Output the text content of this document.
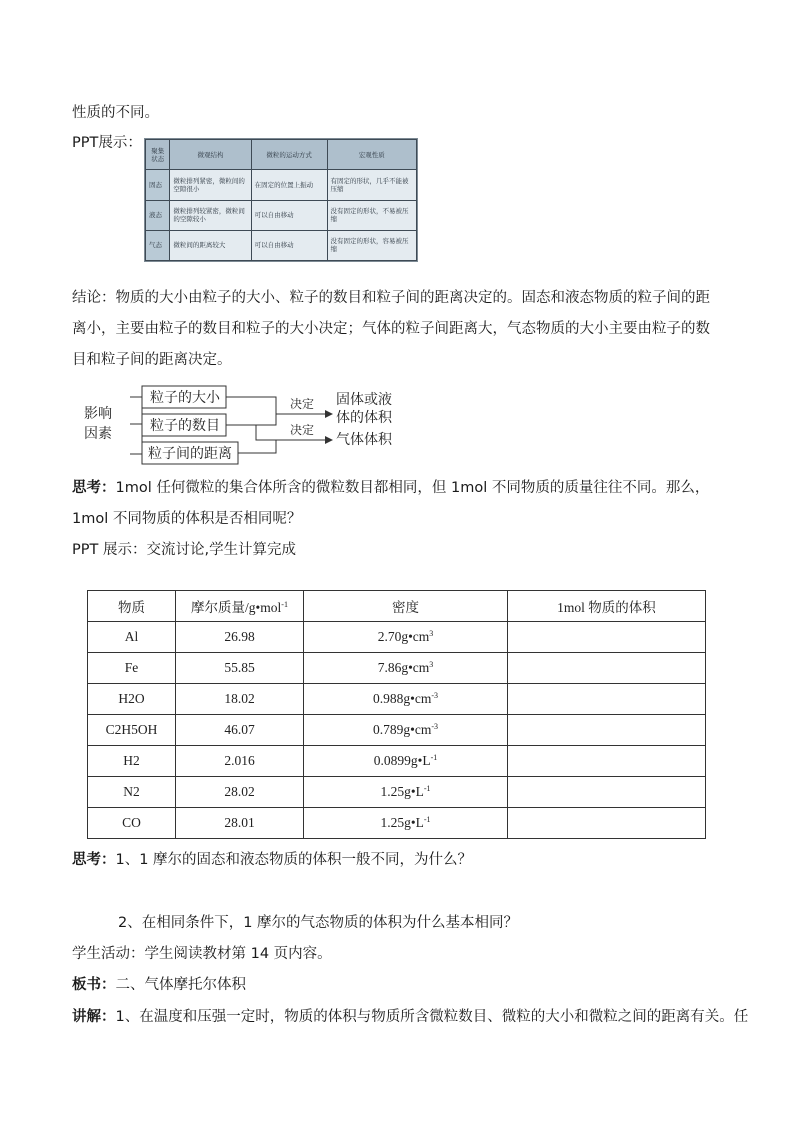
性质的不同。
PPT展示： 聚集状态	微观结构	微粒的运动方式	宏观性质
固态	微粒排列紧密，微粒间的空隙很小	在固定的位置上振动	有固定的形状，几乎不能被压缩
液态	微粒排列较紧密，微粒间的空隙较小	可以自由移动	没有固定的形状，不易被压缩
气态	微粒间的距离较大	可以自由移动	没有固定的形状，容易被压缩
结论：物质的大小由粒子的大小、粒子的数目和粒子间的距离决定的。固态和液态物质的粒子间的距离小，主要由粒子的数目和粒子的大小决定；气体的粒子间距离大，气态物质的大小主要由粒子的数目和粒子间的距离决定。
影响
因素
粒子的大小
粒子的数目
粒子间的距离
决定
决定
固体或液
体的体积
气体体积
思考：1mol 任何微粒的集合体所含的微粒数目都相同，但 1mol 不同物质的质量往往不同。那么，1mol 不同物质的体积是否相同呢？
PPT 展示：交流讨论,学生计算完成
物质	摩尔质量/g•mol$^{-1}$	密度	1mol 物质的体积
Al	26.98	$2.70g•cm^3$	
Fe	55.85	$7.86g•cm^3$	
H2O	18.02	$0.988g•cm^{-3}$	
C2H5OH	46.07	$0.789g•cm^{-3}$	
H2	2.016	$0.0899g•L^{-1}$	
N2	28.02	$1.25g•L^{-1}$	
CO	28.01	$1.25g•L^{-1}$	
思考：1、1 摩尔的固态和液态物质的体积一般不同，为什么？
2、在相同条件下，1 摩尔的气态物质的体积为什么基本相同？
学生活动：学生阅读教材第 14 页内容。
板书：二、气体摩托尔体积
讲解：1、在温度和压强一定时，物质的体积与物质所含微粒数目、微粒的大小和微粒之间的距离有关。任
